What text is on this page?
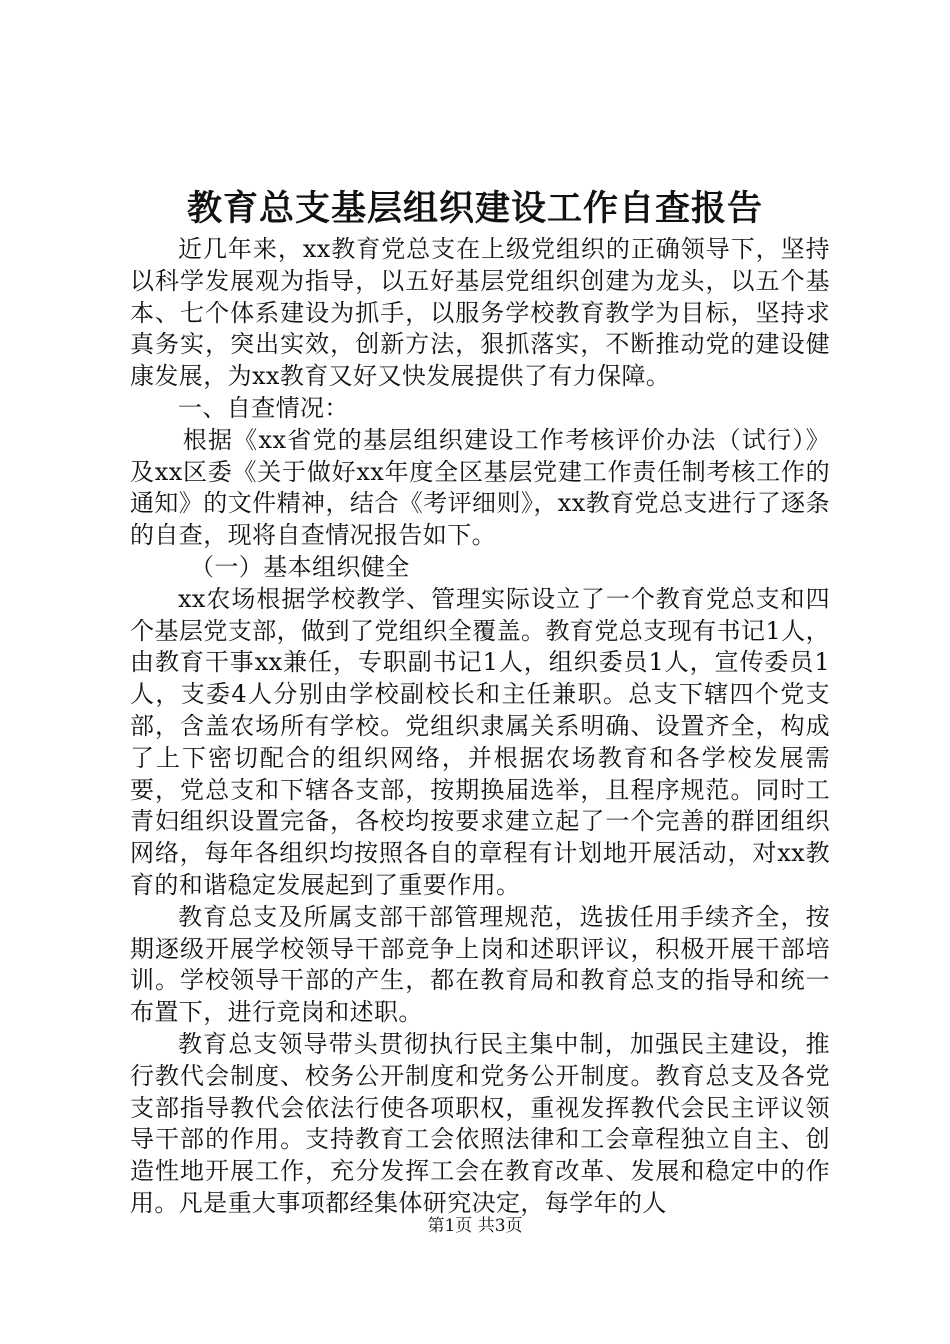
教育总支基层组织建设工作自查报告

近几年来，xx教育党总支在上级党组织的正确领导下，坚持以科学发展观为指导，以五好基层党组织创建为龙头，以五个基本、七个体系建设为抓手，以服务学校教育教学为目标，坚持求真务实，突出实效，创新方法，狠抓落实，不断推动党的建设健康发展，为xx教育又好又快发展提供了有力保障。

一、自查情况：

根据《xx省党的基层组织建设工作考核评价办法（试行）》及xx区委《关于做好xx年度全区基层党建工作责任制考核工作的通知》的文件精神，结合《考评细则》，xx教育党总支进行了逐条的自查，现将自查情况报告如下。

（一）基本组织健全

xx农场根据学校教学、管理实际设立了一个教育党总支和四个基层党支部，做到了党组织全覆盖。教育党总支现有书记1人，由教育干事xx兼任，专职副书记1人，组织委员1人，宣传委员1人，支委4人分别由学校副校长和主任兼职。总支下辖四个党支部，含盖农场所有学校。党组织隶属关系明确、设置齐全，构成了上下密切配合的组织网络，并根据农场教育和各学校发展需要，党总支和下辖各支部，按期换届选举，且程序规范。同时工青妇组织设置完备，各校均按要求建立起了一个完善的群团组织网络，每年各组织均按照各自的章程有计划地开展活动，对xx教育的和谐稳定发展起到了重要作用。

教育总支及所属支部干部管理规范，选拔任用手续齐全，按期逐级开展学校领导干部竞争上岗和述职评议，积极开展干部培训。学校领导干部的产生，都在教育局和教育总支的指导和统一布置下，进行竞岗和述职。

教育总支领导带头贯彻执行民主集中制，加强民主建设，推行教代会制度、校务公开制度和党务公开制度。教育总支及各党支部指导教代会依法行使各项职权，重视发挥教代会民主评议领导干部的作用。支持教育工会依照法律和工会章程独立自主、创造性地开展工作，充分发挥工会在教育改革、发展和稳定中的作用。凡是重大事项都经集体研究决定，每学年的人

第1页 共3页
